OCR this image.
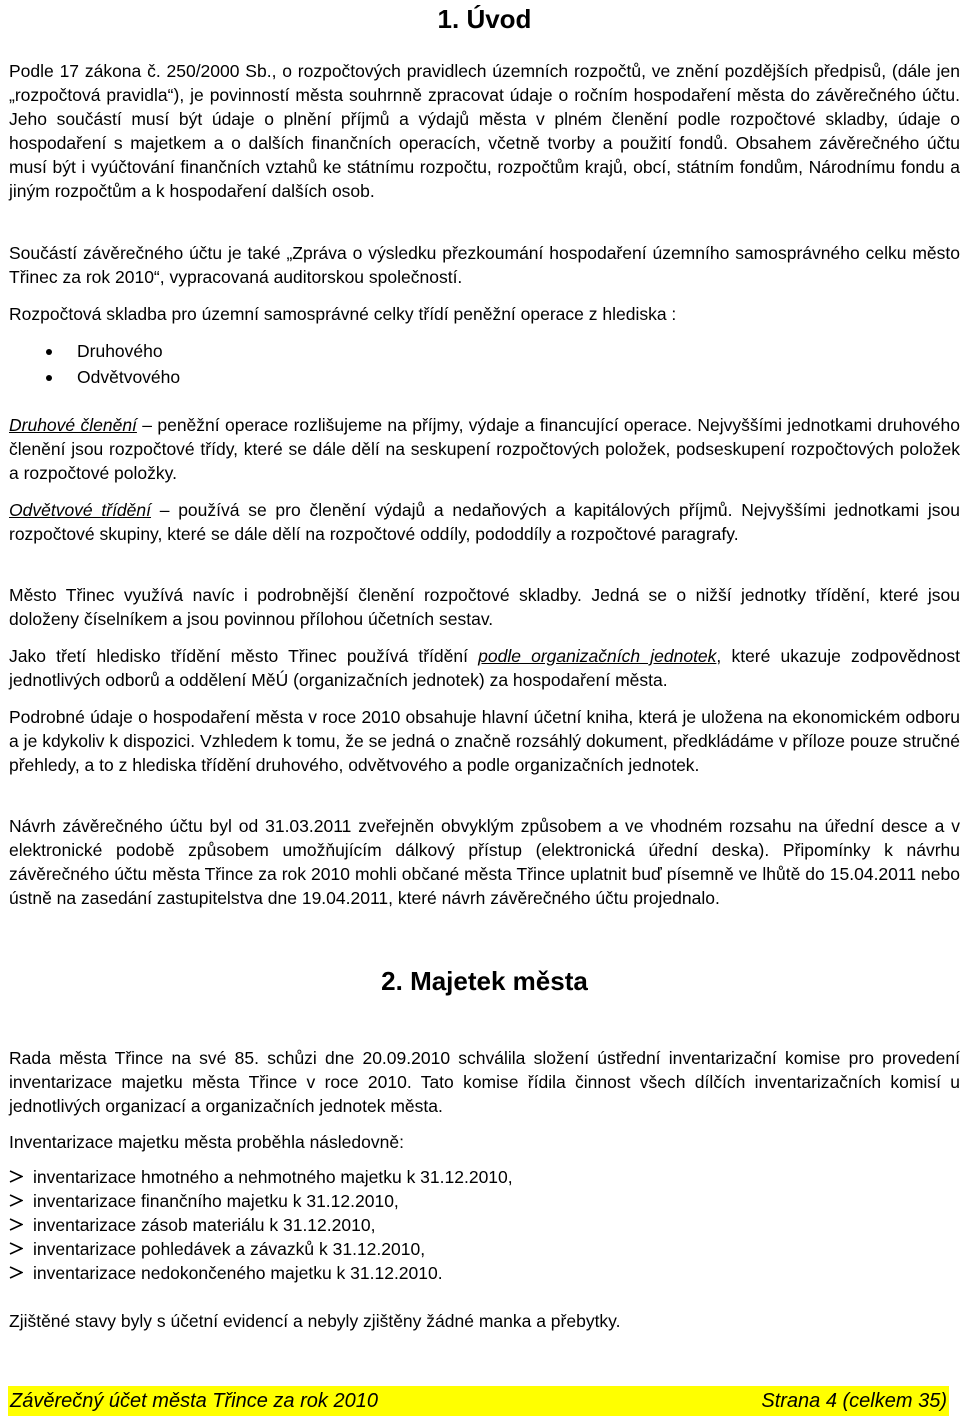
1. Úvod

Podle 17 zákona č. 250/2000 Sb., o rozpočtových pravidlech územních rozpočtů, ve znění pozdějších předpisů, (dále jen „rozpočtová pravidla“), je povinností města souhrnně zpracovat údaje o ročním hospodaření města do závěrečného účtu. Jeho součástí musí být údaje o plnění příjmů a výdajů města v plném členění podle rozpočtové skladby, údaje o hospodaření s majetkem a o dalších finančních operacích, včetně tvorby a použití fondů. Obsahem závěrečného účtu musí být i vyúčtování finančních vztahů ke státnímu rozpočtu, rozpočtům krajů, obcí, státním fondům, Národnímu fondu a jiným rozpočtům a k hospodaření dalších osob.

Součástí závěrečného účtu je také „Zpráva o výsledku přezkoumání hospodaření územního samosprávného celku město Třinec za rok 2010“, vypracovaná auditorskou společností.

Rozpočtová skladba pro územní samosprávné celky třídí peněžní operace z hlediska :

Druhového
Odvětvového

Druhové členění – peněžní operace rozlišujeme na příjmy, výdaje a financující operace. Nejvyššími jednotkami druhového členění jsou rozpočtové třídy, které se dále dělí na seskupení rozpočtových položek, podseskupení rozpočtových položek a rozpočtové položky.

Odvětvové třídění – používá se pro členění výdajů a nedaňových a kapitálových příjmů. Nejvyššími jednotkami jsou rozpočtové skupiny, které se dále dělí na rozpočtové oddíly, pododdíly a rozpočtové paragrafy.

Město Třinec využívá navíc i podrobnější členění rozpočtové skladby. Jedná se o nižší jednotky třídění, které jsou doloženy číselníkem a jsou povinnou přílohou účetních sestav.

Jako třetí hledisko třídění město Třinec používá třídění podle organizačních jednotek, které ukazuje zodpovědnost jednotlivých odborů a oddělení MěÚ (organizačních jednotek) za hospodaření města.

Podrobné údaje o hospodaření města v roce 2010 obsahuje hlavní účetní kniha, která je uložena na ekonomickém odboru a je kdykoliv k dispozici. Vzhledem k tomu, že se jedná o značně rozsáhlý dokument, předkládáme v příloze pouze stručné přehledy, a to z hlediska třídění druhového, odvětvového a podle organizačních jednotek.

Návrh závěrečného účtu byl od 31.03.2011 zveřejněn obvyklým způsobem a ve vhodném rozsahu na úřední desce a v elektronické podobě způsobem umožňujícím dálkový přístup (elektronická úřední deska). Připomínky k návrhu závěrečného účtu města Třince za rok 2010 mohli občané města Třince uplatnit buď písemně ve lhůtě do 15.04.2011 nebo ústně na zasedání zastupitelstva dne 19.04.2011, které návrh závěrečného účtu projednalo.

2. Majetek města

Rada města Třince na své 85. schůzi dne 20.09.2010 schválila složení ústřední inventarizační komise pro provedení inventarizace majetku města Třince v roce 2010. Tato komise řídila činnost všech dílčích inventarizačních komisí u jednotlivých organizací a organizačních jednotek města.

Inventarizace majetku města proběhla následovně:

inventarizace hmotného a nehmotného majetku k 31.12.2010,
inventarizace finančního majetku k 31.12.2010,
inventarizace zásob materiálu k 31.12.2010,
inventarizace pohledávek a závazků k 31.12.2010,
inventarizace nedokončeného majetku k 31.12.2010.

Zjištěné stavy byly s účetní evidencí a nebyly zjištěny žádné manka a přebytky.

Závěrečný účet města Třince za rok 2010	Strana 4 (celkem 35)
